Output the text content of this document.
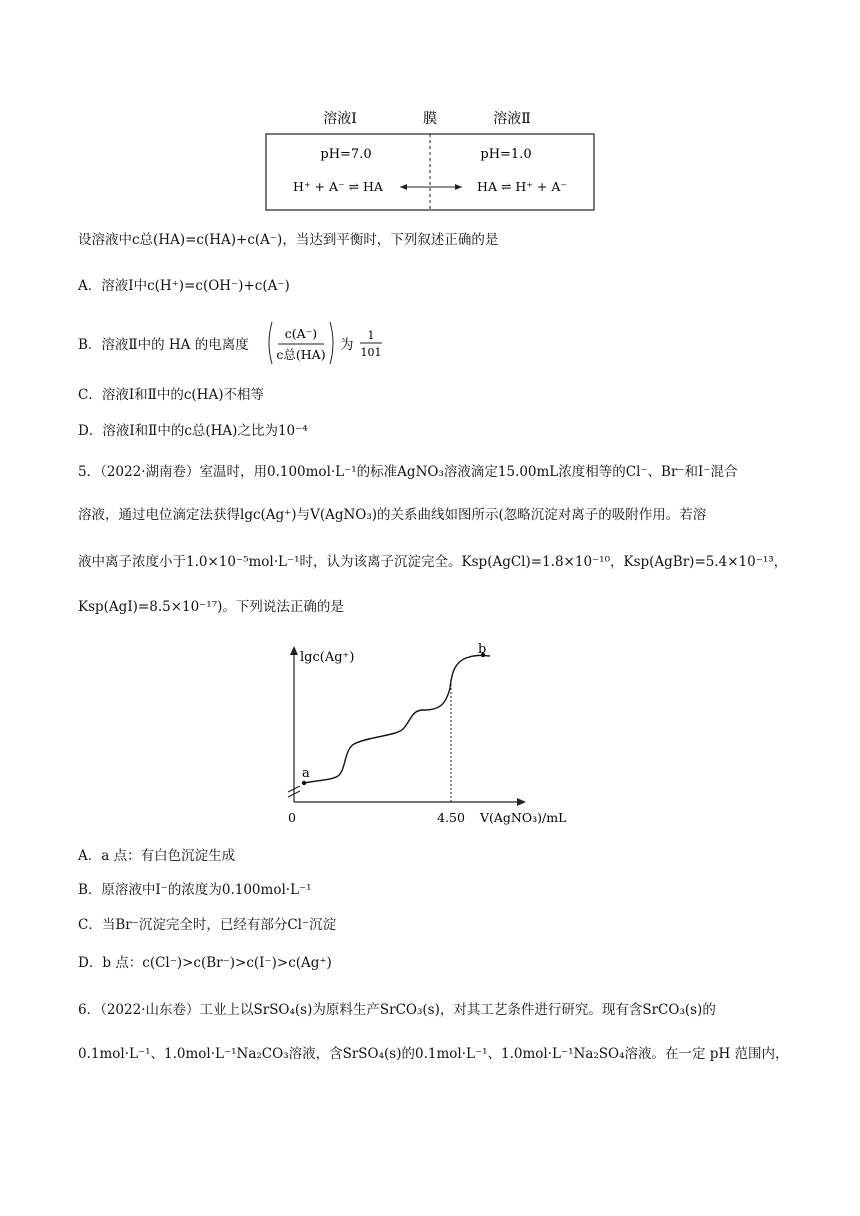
溶液Ⅰ	膜	溶液Ⅱ
pH=7.0	pH=1.0
H⁺ + A⁻ ⇌ HA	HA ⇌ H⁺ + A⁻
设溶液中c总(HA)=c(HA)+c(A⁻)，当达到平衡时，下列叙述正确的是
A．溶液Ⅰ中c(H⁺)=c(OH⁻)+c(A⁻)
B．溶液Ⅱ中的 HA 的电离度
c(A⁻)
c总(HA)
为
1
101
C．溶液Ⅰ和Ⅱ中的c(HA)不相等
D．溶液Ⅰ和Ⅱ中的c总(HA)之比为10⁻⁴
5．（2022·湖南卷）室温时，用0.100mol·L⁻¹的标准AgNO₃溶液滴定15.00mL浓度相等的Cl⁻、Br⁻和I⁻混合
溶液，通过电位滴定法获得lgc(Ag⁺)与V(AgNO₃)的关系曲线如图所示(忽略沉淀对离子的吸附作用。若溶
液中离子浓度小于1.0×10⁻⁵mol·L⁻¹时，认为该离子沉淀完全。Ksp(AgCl)=1.8×10⁻¹⁰，Ksp(AgBr)=5.4×10⁻¹³，
Ksp(AgI)=8.5×10⁻¹⁷)。下列说法正确的是
lgc(Ag⁺)
0	4.50 V(AgNO₃)/mL
a
b
A．a 点：有白色沉淀生成
B．原溶液中I⁻的浓度为0.100mol·L⁻¹
C．当Br⁻沉淀完全时，已经有部分Cl⁻沉淀
D．b 点：c(Cl⁻)>c(Br⁻)>c(I⁻)>c(Ag⁺)
6．（2022·山东卷）工业上以SrSO₄(s)为原料生产SrCO₃(s)，对其工艺条件进行研究。现有含SrCO₃(s)的
0.1mol·L⁻¹、1.0mol·L⁻¹Na₂CO₃溶液，含SrSO₄(s)的0.1mol·L⁻¹、1.0mol·L⁻¹Na₂SO₄溶液。在一定 pH 范围内，
